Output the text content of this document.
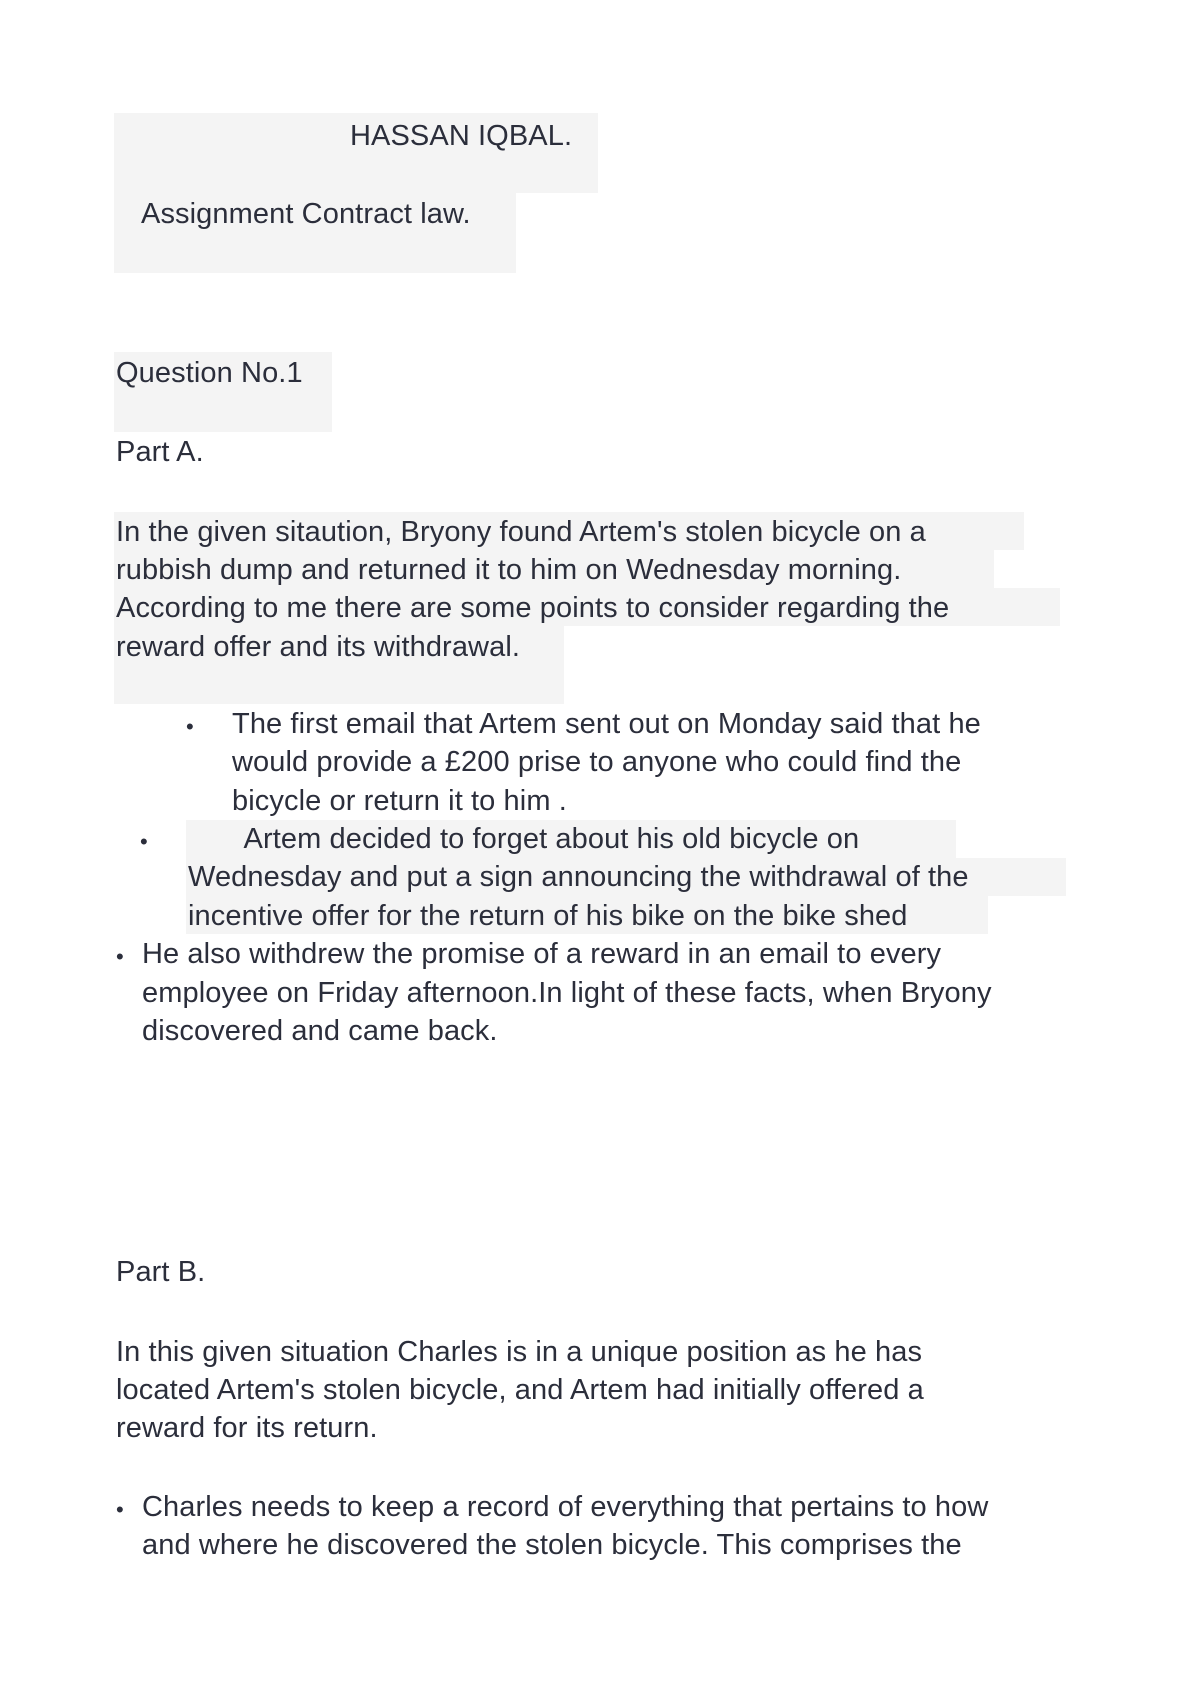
HASSAN IQBAL.
Assignment Contract law.
Question No.1
Part A.
In the given sitaution, Bryony found Artem's stolen bicycle on a
rubbish dump and returned it to him on Wednesday morning.
According to me there are some points to consider regarding the
reward offer and its withdrawal.
• The first email that Artem sent out on Monday said that he
would provide a £200 prise to anyone who could find the
bicycle or return it to him .
• Artem decided to forget about his old bicycle on
Wednesday and put a sign announcing the withdrawal of the
incentive offer for the return of his bike on the bike shed
• He also withdrew the promise of a reward in an email to every
employee on Friday afternoon.In light of these facts, when Bryony
discovered and came back.
Part B.
In this given situation Charles is in a unique position as he has
located Artem's stolen bicycle, and Artem had initially offered a
reward for its return.
• Charles needs to keep a record of everything that pertains to how
and where he discovered the stolen bicycle. This comprises the
